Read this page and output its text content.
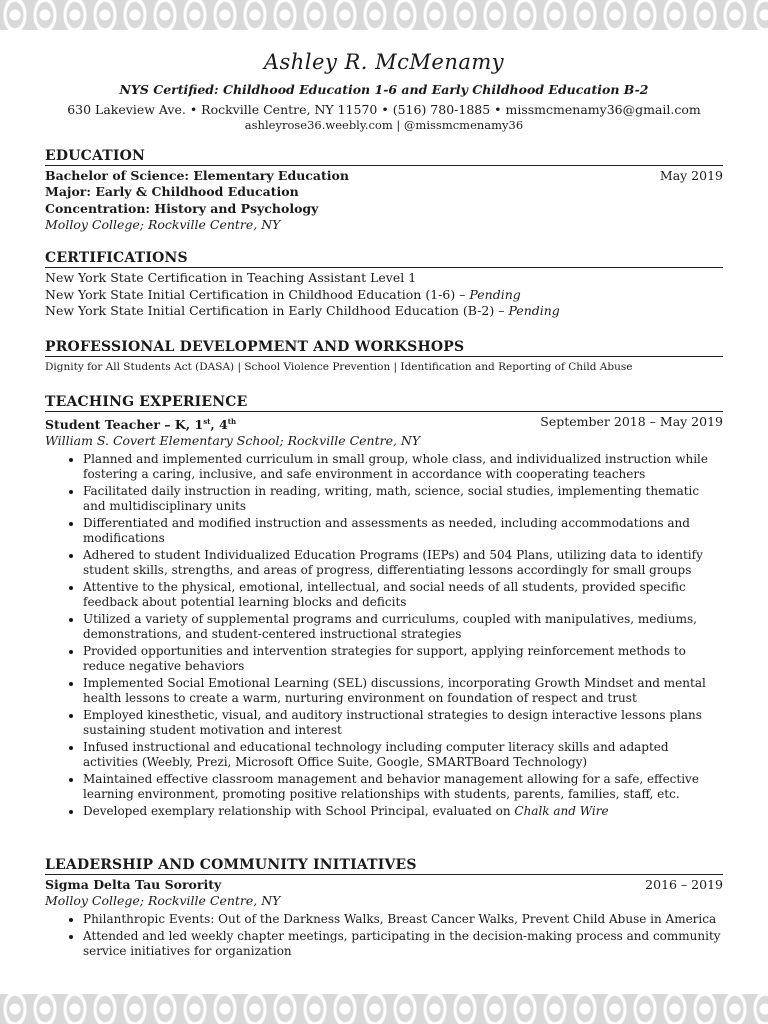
Ashley R. McMenamy
NYS Certified: Childhood Education 1-6 and Early Childhood Education B-2
630 Lakeview Ave. • Rockville Centre, NY 11570 • (516) 780-1885 • missmcmenamy36@gmail.com
ashleyrose36.weebly.com | @missmcmenamy36
EDUCATION
Bachelor of Science: Elementary Education	May 2019
Major: Early & Childhood Education
Concentration: History and Psychology
Molloy College; Rockville Centre, NY
CERTIFICATIONS
New York State Certification in Teaching Assistant Level 1
New York State Initial Certification in Childhood Education (1-6) – Pending
New York State Initial Certification in Early Childhood Education (B-2) – Pending
PROFESSIONAL DEVELOPMENT AND WORKSHOPS
Dignity for All Students Act (DASA) | School Violence Prevention | Identification and Reporting of Child Abuse
TEACHING EXPERIENCE
Student Teacher – K, 1st, 4th	September 2018 – May 2019
William S. Covert Elementary School; Rockville Centre, NY
• Planned and implemented curriculum in small group, whole class, and individualized instruction while fostering a caring, inclusive, and safe environment in accordance with cooperating teachers
• Facilitated daily instruction in reading, writing, math, science, social studies, implementing thematic and multidisciplinary units
• Differentiated and modified instruction and assessments as needed, including accommodations and modifications
• Adhered to student Individualized Education Programs (IEPs) and 504 Plans, utilizing data to identify student skills, strengths, and areas of progress, differentiating lessons accordingly for small groups
• Attentive to the physical, emotional, intellectual, and social needs of all students, provided specific feedback about potential learning blocks and deficits
• Utilized a variety of supplemental programs and curriculums, coupled with manipulatives, mediums, demonstrations, and student-centered instructional strategies
• Provided opportunities and intervention strategies for support, applying reinforcement methods to reduce negative behaviors
• Implemented Social Emotional Learning (SEL) discussions, incorporating Growth Mindset and mental health lessons to create a warm, nurturing environment on foundation of respect and trust
• Employed kinesthetic, visual, and auditory instructional strategies to design interactive lessons plans sustaining student motivation and interest
• Infused instructional and educational technology including computer literacy skills and adapted activities (Weebly, Prezi, Microsoft Office Suite, Google, SMARTBoard Technology)
• Maintained effective classroom management and behavior management allowing for a safe, effective learning environment, promoting positive relationships with students, parents, families, staff, etc.
• Developed exemplary relationship with School Principal, evaluated on Chalk and Wire
LEADERSHIP AND COMMUNITY INITIATIVES
Sigma Delta Tau Sorority	2016 – 2019
Molloy College; Rockville Centre, NY
• Philanthropic Events: Out of the Darkness Walks, Breast Cancer Walks, Prevent Child Abuse in America
• Attended and led weekly chapter meetings, participating in the decision-making process and community service initiatives for organization
